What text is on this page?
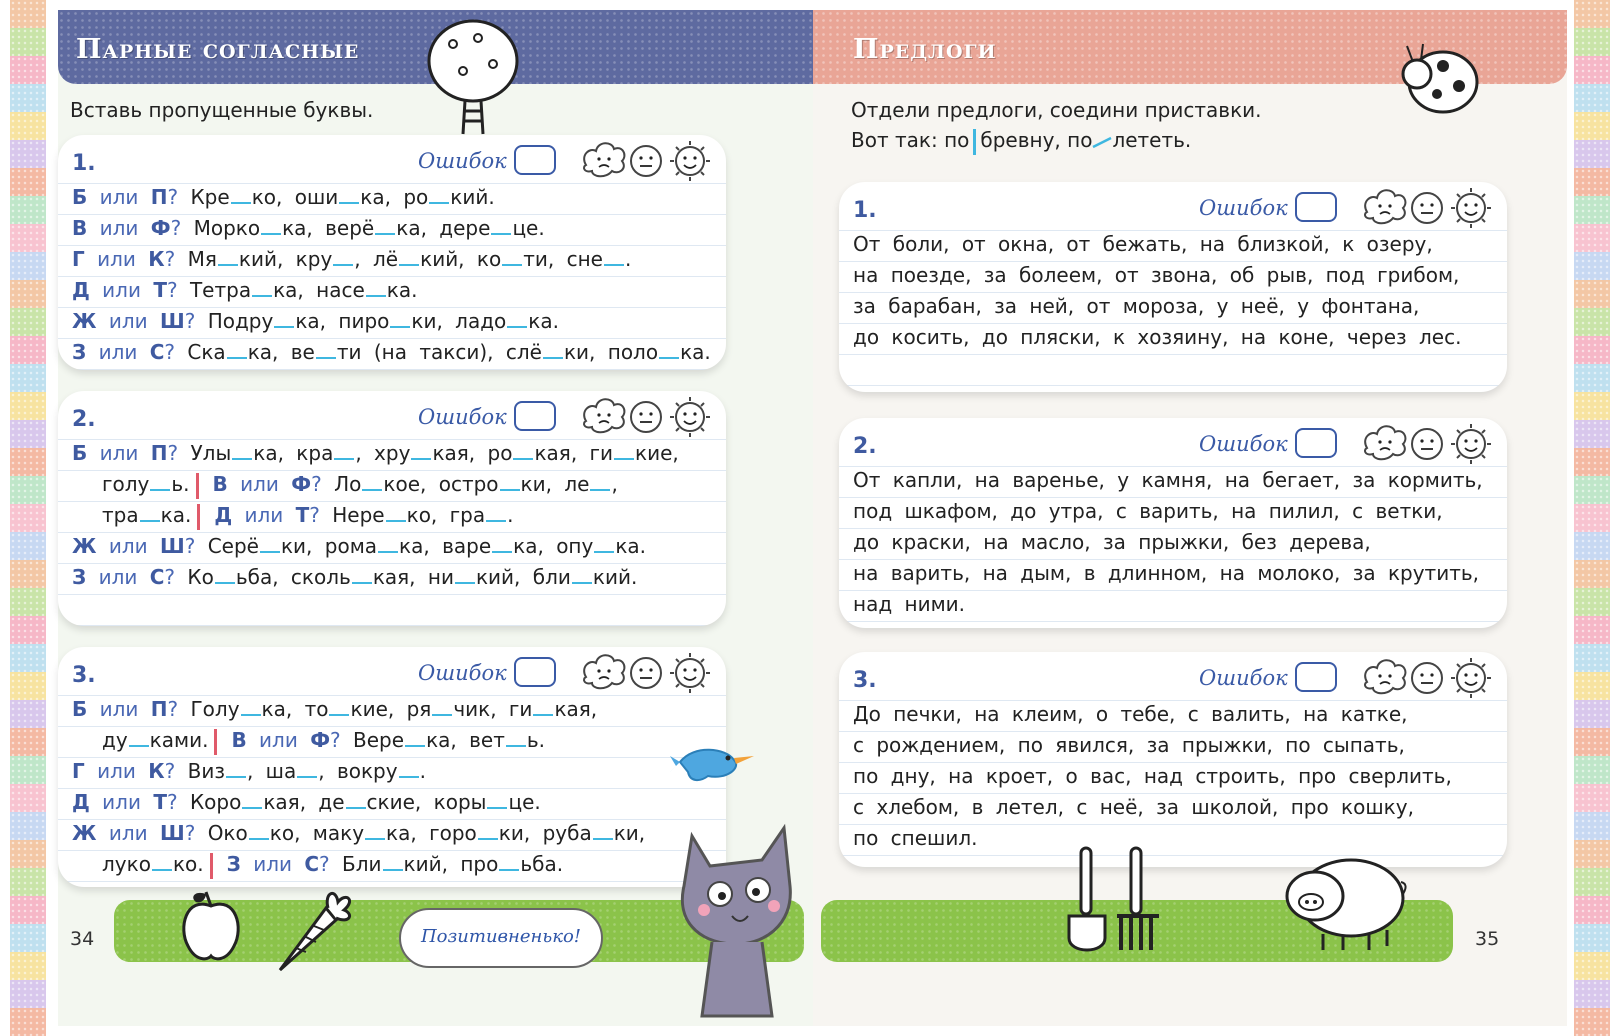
Парные согласные
Вставь пропущенные буквы.
1.	Ошибок
Б или П? Кре ко, оши ка, ро кий.
В или Ф? Морко ка, верё ка, дере це.
Г или К? Мя кий, кру , лё кий, ко ти, сне .
Д или Т? Тетра ка, насе ка.
Ж или Ш? Подру ка, пиро ки, ладо ка.
З или С? Ска ка, ве ти (на такси), слё ки, поло ка.
2.	Ошибок
Б или П? Улы ка, кра , хру кая, ро кая, ги кие,
голу ь. В или Ф? Ло кое, остро ки, ле ,
тра ка. Д или Т? Нере ко, гра .
Ж или Ш? Серё ки, рома ка, варе ка, опу ка.
З или С? Ко ьба, сколь кая, ни кий, бли кий.
3.	Ошибок
Б или П? Голу ка, то кие, ря чик, ги кая,
ду ками. В или Ф? Вере ка, вет ь.
Г или К? Виз , ша , вокру .
Д или Т? Коро кая, де ские, коры це.
Ж или Ш? Око ко, маку ка, горо ки, руба ки,
луко ко. З или С? Бли кий, про ьба.
34	Позитивненько!
Предлоги
Отдели предлоги, соедини приставки.
Вот так: по бревну, по лететь.
1.	Ошибок
От боли, от окна, от бежать, на близкой, к озеру,
на поезде, за болеем, от звона, об рыв, под грибом,
за барабан, за ней, от мороза, у неё, у фонтана,
до косить, до пляски, к хозяину, на коне, через лес.
2.	Ошибок
От капли, на варенье, у камня, на бегает, за кормить,
под шкафом, до утра, с варить, на пилил, с ветки,
до краски, на масло, за прыжки, без дерева,
на варить, на дым, в длинном, на молоко, за крутить,
над ними.
3.	Ошибок
До печки, на клеим, о тебе, с валить, на катке,
с рождением, по явился, за прыжки, по сыпать,
по дну, на кроет, о вас, над строить, про сверлить,
с хлебом, в летел, с неё, за школой, про кошку,
по спешил.
35
